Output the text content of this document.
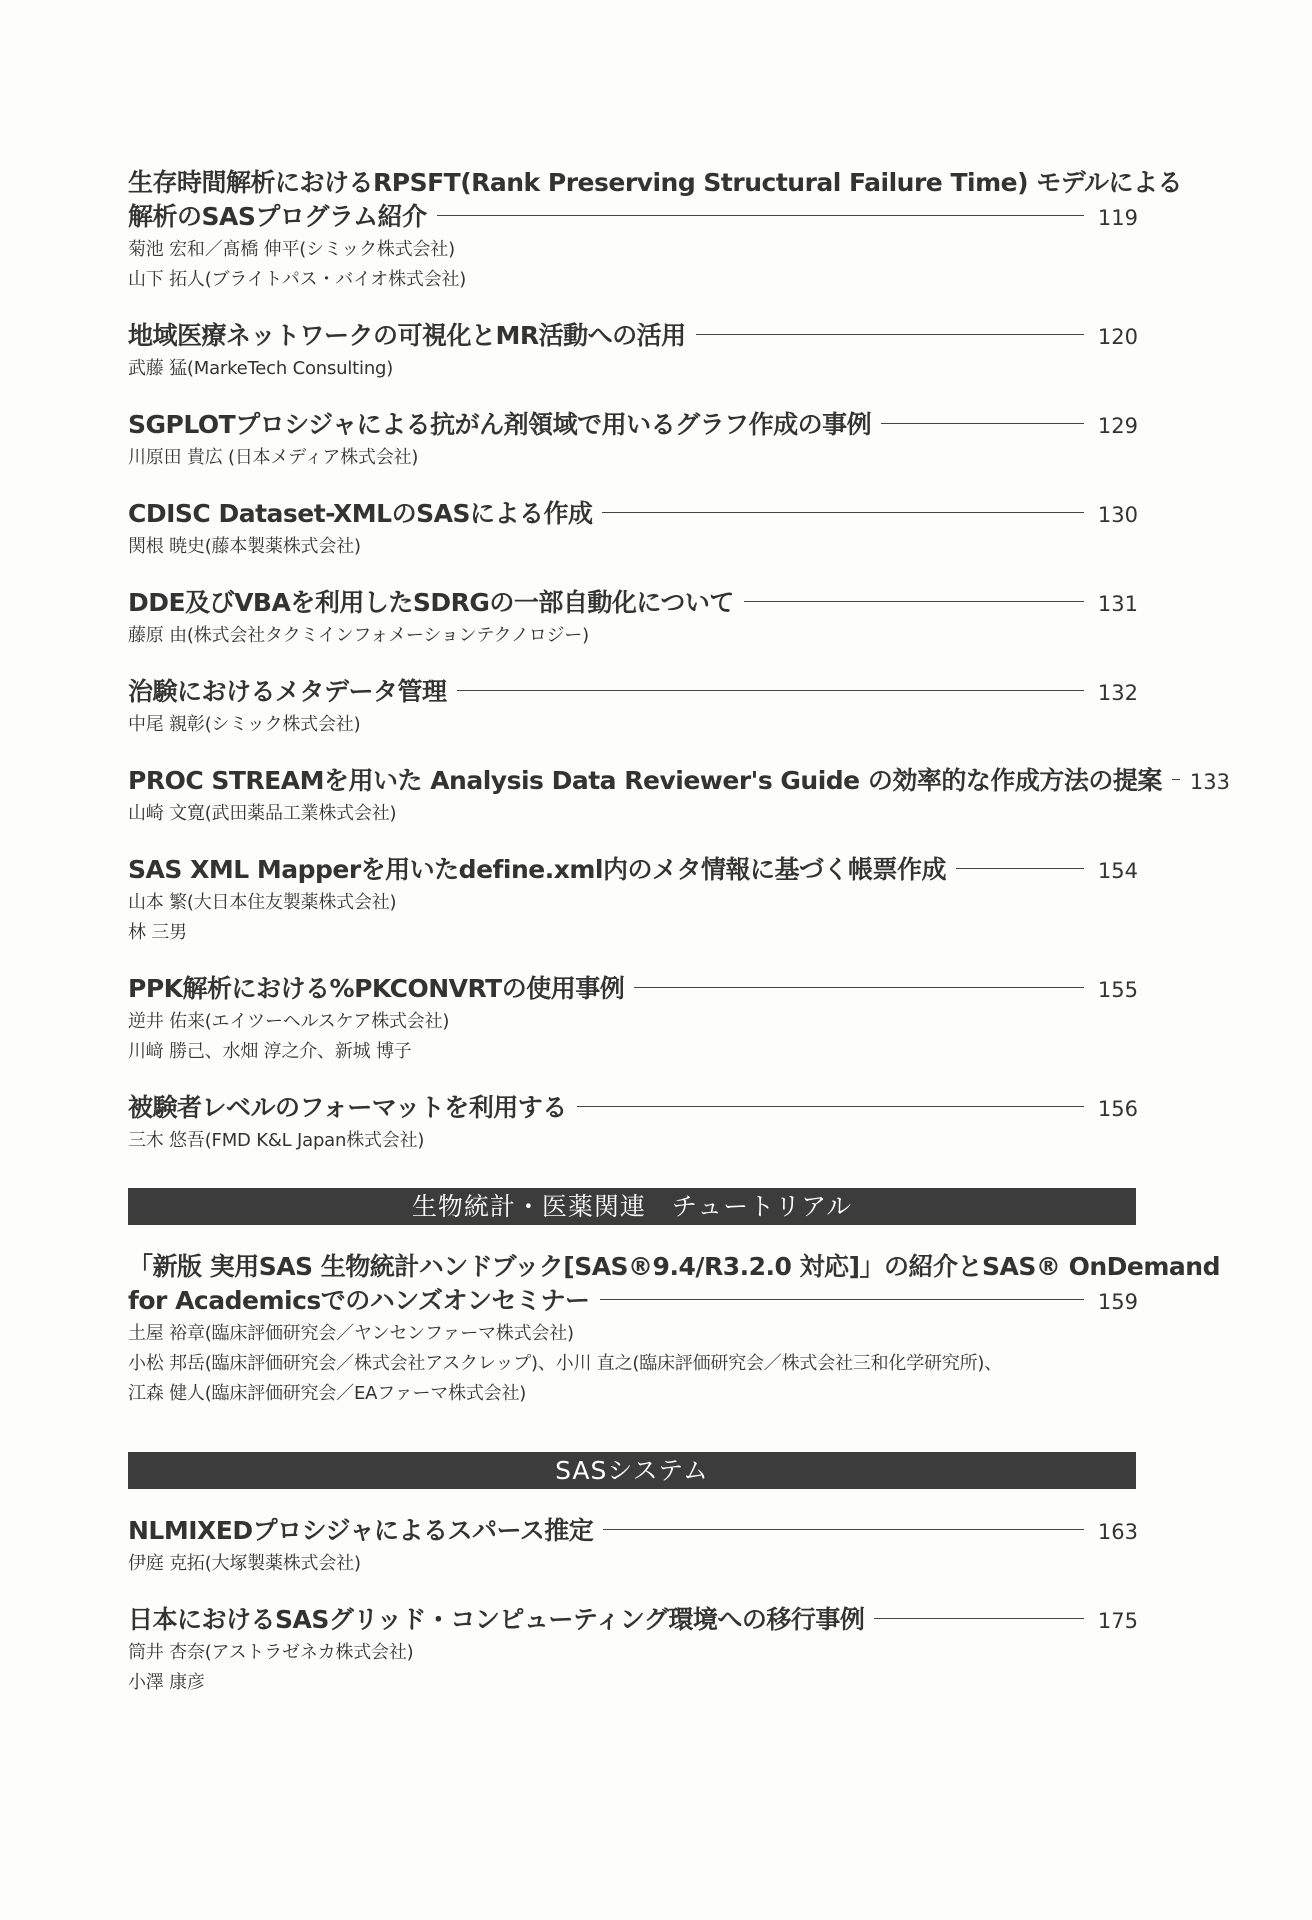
生存時間解析におけるRPSFT(Rank Preserving Structural Failure Time) モデルによる
解析のSASプログラム紹介	119
菊池 宏和／髙橋 伸平(シミック株式会社)
山下 拓人(ブライトパス・バイオ株式会社)
地域医療ネットワークの可視化とMR活動への活用	120
武藤 猛(MarkeTech Consulting)
SGPLOTプロシジャによる抗がん剤領域で用いるグラフ作成の事例	129
川原田 貴広 (日本メディア株式会社)
CDISC Dataset-XMLのSASによる作成	130
関根 暁史(藤本製薬株式会社)
DDE及びVBAを利用したSDRGの一部自動化について	131
藤原 由(株式会社タクミインフォメーションテクノロジー)
治験におけるメタデータ管理	132
中尾 親彰(シミック株式会社)
PROC STREAMを用いた Analysis Data Reviewer's Guide の効率的な作成方法の提案 133
山崎 文寛(武田薬品工業株式会社)
SAS XML Mapperを用いたdefine.xml内のメタ情報に基づく帳票作成	154
山本 繁(大日本住友製薬株式会社)
林 三男
PPK解析における%PKCONVRTの使用事例	155
逆井 佑来(エイツーヘルスケア株式会社)
川﨑 勝己、水畑 淳之介、新城 博子
被験者レベルのフォーマットを利用する	156
三木 悠吾(FMD K&L Japan株式会社)
生物統計・医薬関連　チュートリアル
「新版 実用SAS 生物統計ハンドブック[SAS®9.4/R3.2.0 対応]」の紹介とSAS® OnDemand
for Academicsでのハンズオンセミナー	159
土屋 裕章(臨床評価研究会／ヤンセンファーマ株式会社)
小松 邦岳(臨床評価研究会／株式会社アスクレップ)、小川 直之(臨床評価研究会／株式会社三和化学研究所)、
江森 健人(臨床評価研究会／EAファーマ株式会社)
SASシステム
NLMIXEDプロシジャによるスパース推定	163
伊庭 克拓(大塚製薬株式会社)
日本におけるSASグリッド・コンピューティング環境への移行事例	175
筒井 杏奈(アストラゼネカ株式会社)
小澤 康彦
